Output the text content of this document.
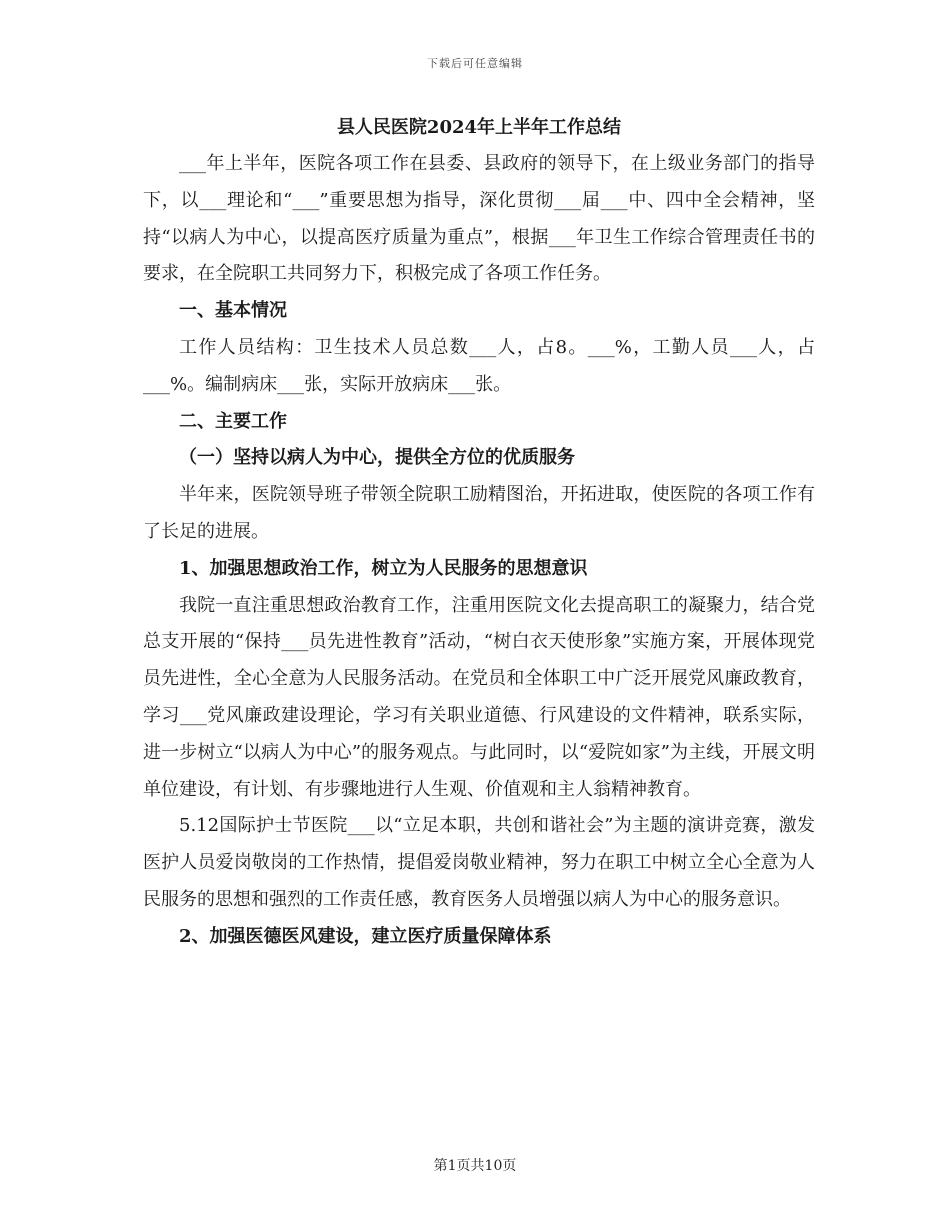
下载后可任意编辑
县人民医院2024年上半年工作总结

___年上半年，医院各项工作在县委、县政府的领导下，在上级业务部门的指导下，以___理论和“___”重要思想为指导，深化贯彻___届___中、四中全会精神，坚持“以病人为中心，以提高医疗质量为重点”，根据___年卫生工作综合管理责任书的要求，在全院职工共同努力下，积极完成了各项工作任务。

一、基本情况

工作人员结构：卫生技术人员总数___人，占8。___%，工勤人员___人，占___%。编制病床___张，实际开放病床___张。

二、主要工作

（一）坚持以病人为中心，提供全方位的优质服务

半年来，医院领导班子带领全院职工励精图治，开拓进取，使医院的各项工作有了长足的进展。

1、加强思想政治工作，树立为人民服务的思想意识

我院一直注重思想政治教育工作，注重用医院文化去提高职工的凝聚力，结合党总支开展的“保持___员先进性教育”活动，“树白衣天使形象”实施方案，开展体现党员先进性，全心全意为人民服务活动。在党员和全体职工中广泛开展党风廉政教育，学习___党风廉政建设理论，学习有关职业道德、行风建设的文件精神，联系实际，进一步树立“以病人为中心”的服务观点。与此同时，以“爱院如家”为主线，开展文明单位建设，有计划、有步骤地进行人生观、价值观和主人翁精神教育。

5.12国际护士节医院___以“立足本职，共创和谐社会”为主题的演讲竞赛，激发医护人员爱岗敬岗的工作热情，提倡爱岗敬业精神，努力在职工中树立全心全意为人民服务的思想和强烈的工作责任感，教育医务人员增强以病人为中心的服务意识。

2、加强医德医风建设，建立医疗质量保障体系

第1页共10页
